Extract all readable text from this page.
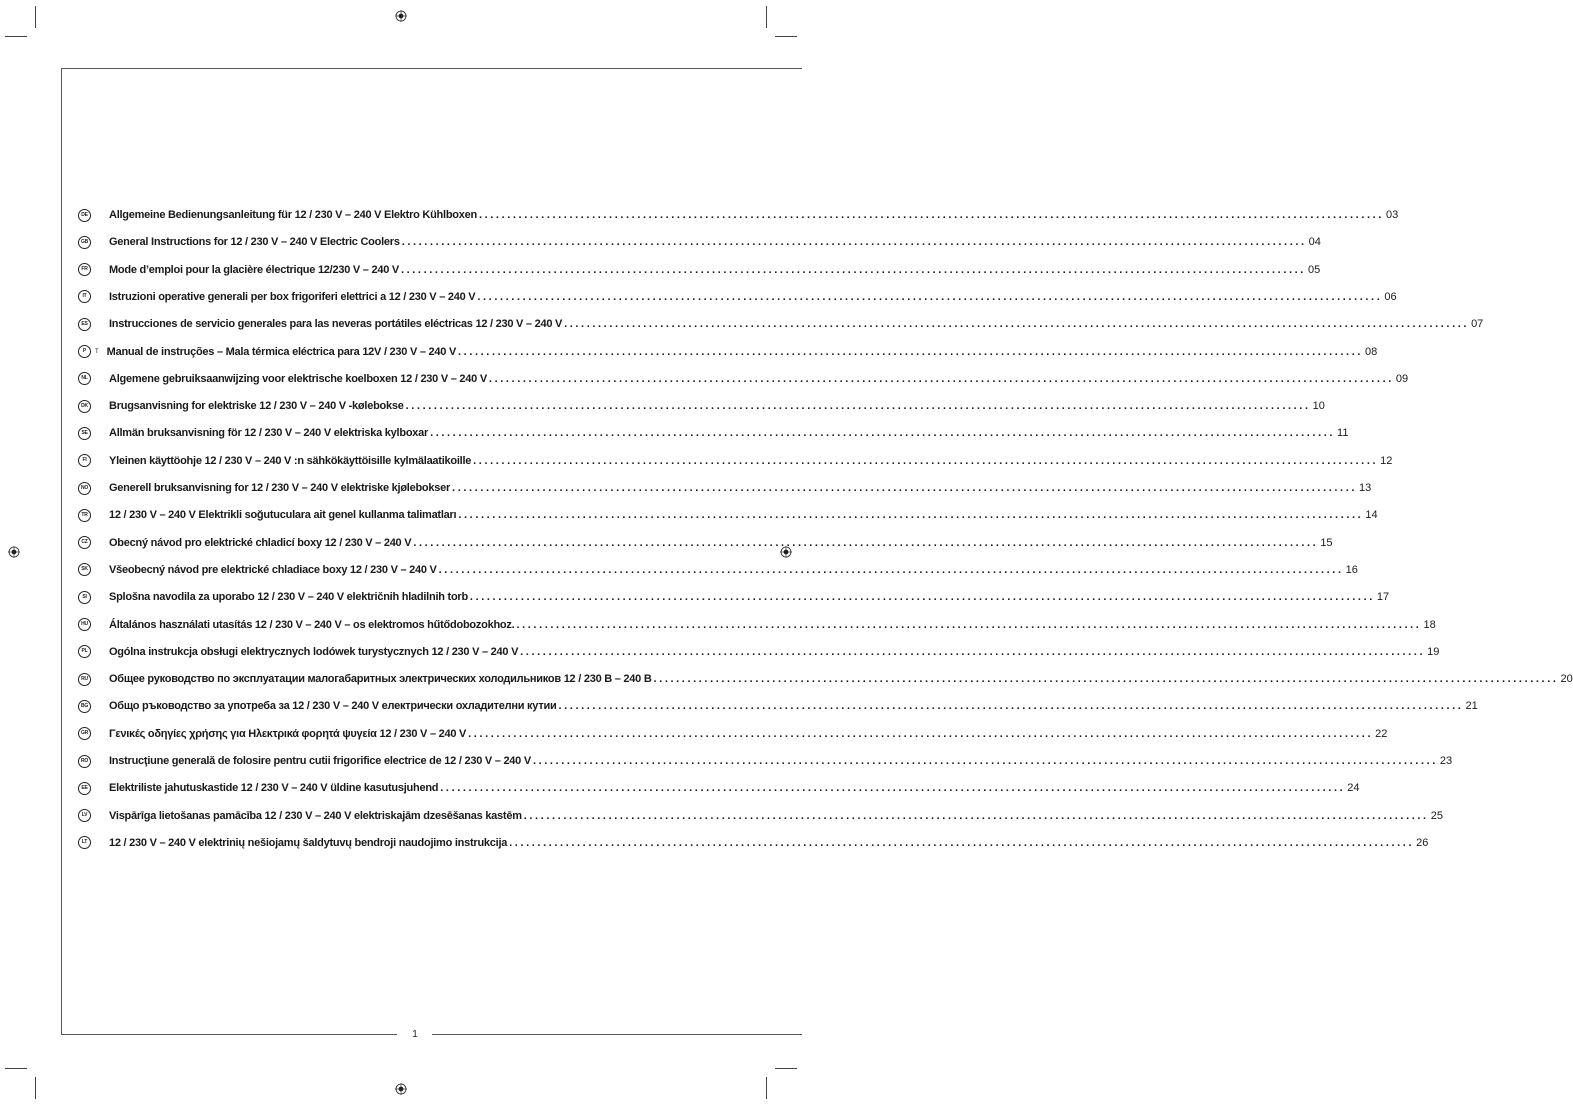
1
DE Allgemeine Bedienungsanleitung für 12 / 230 V – 240 V Elektro Kühlboxen ................................................................................................................................................................ 03
GB General Instructions for 12 / 230 V – 240 V Electric Coolers ................................................................................................................................................................ 04
FR	Mode d’emploi pour la glacière électrique 12/230 V – 240 V ................................................................................................................................................................ 05
IT	Istruzioni operative generali per box frigoriferi elettrici a 12 / 230 V – 240 V ................................................................................................................................................................ 06
ES	Instrucciones de servicio generales para las neveras portátiles eléctricas 12 / 230 V – 240 V ................................................................................................................................................................ 07
P	T Manual de instruções – Mala térmica eléctrica para 12V / 230 V – 240 V ................................................................................................................................................................ 08
NL	Algemene gebruiksaanwijzing voor elektrische koelboxen 12 / 230 V – 240 V ................................................................................................................................................................ 09
DK Brugsanvisning for elektriske 12 / 230 V – 240 V -kølebokse ................................................................................................................................................................ 10
SE	Allmän bruksanvisning för 12 / 230 V – 240 V elektriska kylboxar ................................................................................................................................................................ 11
FI	Yleinen käyttöohje 12 / 230 V – 240 V :n sähkökäyttöisille kylmälaatikoille ................................................................................................................................................................ 12
NO Generell bruksanvisning for 12 / 230 V – 240 V elektriske kjølebokser ................................................................................................................................................................ 13
TR	12 / 230 V – 240 V Elektrikli soğutuculara ait genel kullanma talimatları ................................................................................................................................................................ 14
CZ	Obecný návod pro elektrické chladicí boxy 12 / 230 V – 240 V ................................................................................................................................................................ 15
SK Všeobecný návod pre elektrické chladiace boxy 12 / 230 V – 240 V ................................................................................................................................................................ 16
SI	Splošna navodila za uporabo 12 / 230 V – 240 V električnih hladilnih torb ................................................................................................................................................................ 17
HU Általános használati utasítás 12 / 230 V – 240 V – os elektromos hűtődobozokhoz. ................................................................................................................................................................ 18
PL	Ogólna instrukcja obsługi elektrycznych lodówek turystycznych 12 / 230 V – 240 V ................................................................................................................................................................ 19
RU Общее руководство по эксплуатации малогабаритных электрических холодильников 12 / 230 В – 240 В ................................................................................................................................................................ 20
BG Общо ръководство за употреба за 12 / 230 V – 240 V електрически охладителни кутии ................................................................................................................................................................ 21
GR Γενικές οδηγίες χρήσης για Ηλεκτρικά φορητά ψυγεία 12 / 230 V – 240 V ................................................................................................................................................................ 22
RO Instrucţiune generală de folosire pentru cutii frigorifice electrice de 12 / 230 V – 240 V ................................................................................................................................................................ 23
EE	Elektriliste jahutuskastide 12 / 230 V – 240 V üldine kasutusjuhend ................................................................................................................................................................ 24
LV	Vispārīga lietošanas pamācība 12 / 230 V – 240 V elektriskajām dzesēšanas kastēm ................................................................................................................................................................ 25
LT	12 / 230 V – 240 V elektrinių nešiojamų šaldytuvų bendroji naudojimo instrukcija ................................................................................................................................................................ 26
